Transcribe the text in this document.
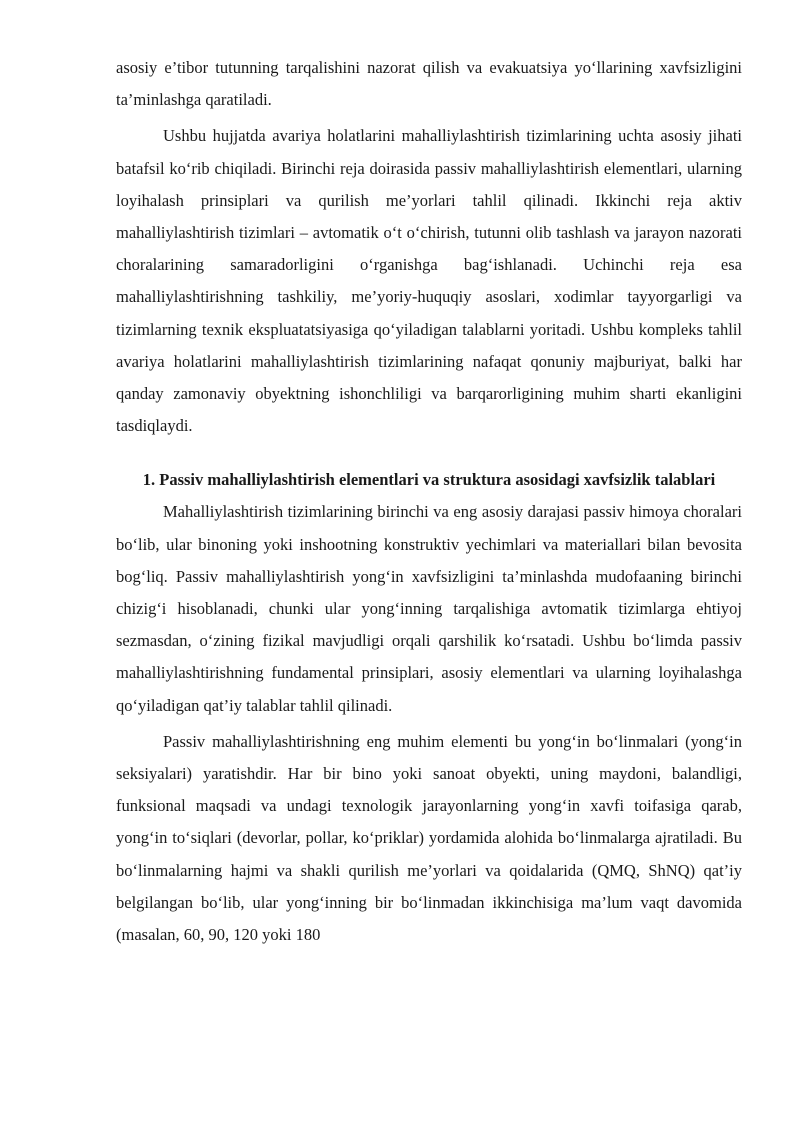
asosiy e’tibor tutunning tarqalishini nazorat qilish va evakuatsiya yo‘llarining xavfsizligini ta’minlashga qaratiladi.

Ushbu hujjatda avariya holatlarini mahalliylashtirish tizimlarining uchta asosiy jihati batafsil ko‘rib chiqiladi. Birinchi reja doirasida passiv mahalliylashtirish elementlari, ularning loyihalash prinsiplari va qurilish me’yorlari tahlil qilinadi. Ikkinchi reja aktiv mahalliylashtirish tizimlari – avtomatik o‘t o‘chirish, tutunni olib tashlash va jarayon nazorati choralarining samaradorligini o‘rganishga bag‘ishlanadi. Uchinchi reja esa mahalliylashtirishning tashkiliy, me’yoriy-huquqiy asoslari, xodimlar tayyorgarligi va tizimlarning texnik ekspluatatsiyasiga qo‘yiladigan talablarni yoritadi. Ushbu kompleks tahlil avariya holatlarini mahalliylashtirish tizimlarining nafaqat qonuniy majburiyat, balki har qanday zamonaviy obyektning ishonchliligi va barqarorligining muhim sharti ekanligini tasdiqlaydi.

1. Passiv mahalliylashtirish elementlari va struktura asosidagi xavfsizlik talablari

Mahalliylashtirish tizimlarining birinchi va eng asosiy darajasi passiv himoya choralari bo‘lib, ular binoning yoki inshootning konstruktiv yechimlari va materiallari bilan bevosita bog‘liq. Passiv mahalliylashtirish yong‘in xavfsizligini ta’minlashda mudofaaning birinchi chizig‘i hisoblanadi, chunki ular yong‘inning tarqalishiga avtomatik tizimlarga ehtiyoj sezmasdan, o‘zining fizikal mavjudligi orqali qarshilik ko‘rsatadi. Ushbu bo‘limda passiv mahalliylashtirishning fundamental prinsiplari, asosiy elementlari va ularning loyihalashga qo‘yiladigan qat’iy talablar tahlil qilinadi.

Passiv mahalliylashtirishning eng muhim elementi bu yong‘in bo‘linmalari (yong‘in seksiyalari) yaratishdir. Har bir bino yoki sanoat obyekti, uning maydoni, balandligi, funksional maqsadi va undagi texnologik jarayonlarning yong‘in xavfi toifasiga qarab, yong‘in to‘siqlari (devorlar, pollar, ko‘priklar) yordamida alohida bo‘linmalarga ajratiladi. Bu bo‘linmalarning hajmi va shakli qurilish me’yorlari va qoidalarida (QMQ, ShNQ) qat’iy belgilangan bo‘lib, ular yong‘inning bir bo‘linmadan ikkinchisiga ma’lum vaqt davomida (masalan, 60, 90, 120 yoki 180
